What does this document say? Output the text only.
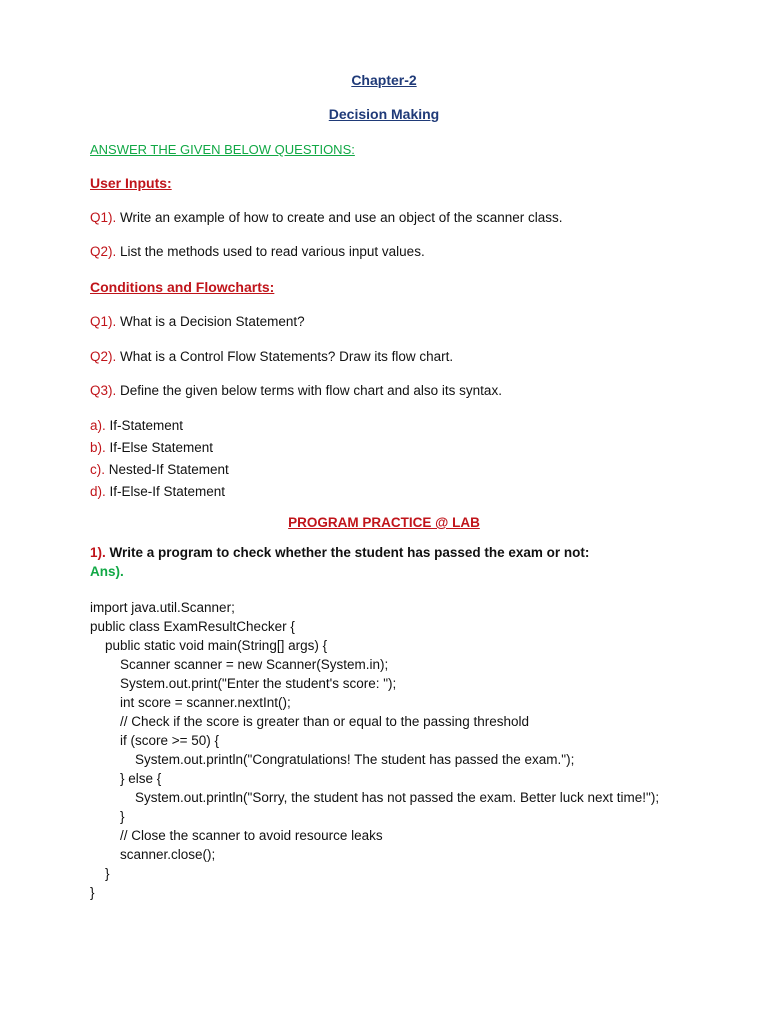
Chapter-2
Decision Making
ANSWER THE GIVEN BELOW QUESTIONS:
User Inputs:
Q1). Write an example of how to create and use an object of the scanner class.
Q2). List the methods used to read various input values.
Conditions and Flowcharts:
Q1). What is a Decision Statement?
Q2). What is a Control Flow Statements? Draw its flow chart.
Q3). Define the given below terms with flow chart and also its syntax.
a). If-Statement
b). If-Else Statement
c). Nested-If Statement
d). If-Else-If Statement
PROGRAM PRACTICE @ LAB
1). Write a program to check whether the student has passed the exam or not:
Ans).
import java.util.Scanner;
public class ExamResultChecker {
public static void main(String[] args) {
Scanner scanner = new Scanner(System.in);
System.out.print("Enter the student's score: ");
int score = scanner.nextInt();
// Check if the score is greater than or equal to the passing threshold
if (score >= 50) {
System.out.println("Congratulations! The student has passed the exam.");
} else {
System.out.println("Sorry, the student has not passed the exam. Better luck next time!");
}
// Close the scanner to avoid resource leaks
scanner.close();
}
}
